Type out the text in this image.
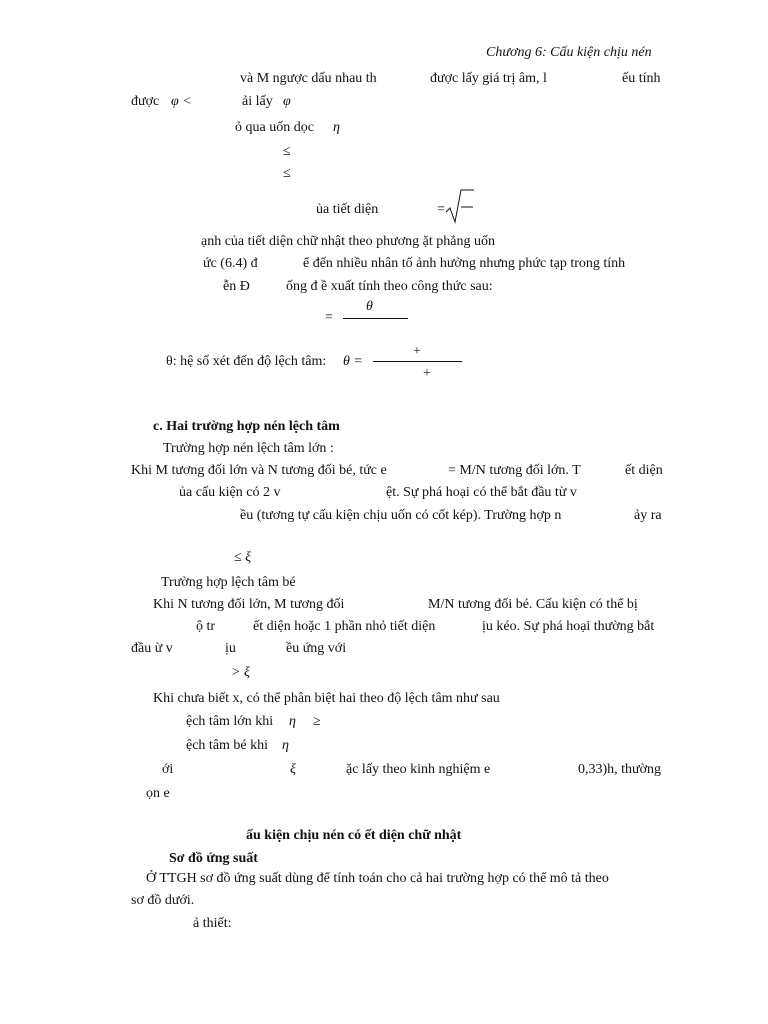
Chương 6: Cấu kiện chịu nén
và M ngược dấu nhau th	được lấy giá trị âm, l	ếu tính
được φ <	ải lấy φ
ỏ qua uốn dọc η
≤
≤
ủa tiết diện	=
ạnh của tiết diện chữ nhật theo phương ặt phẳng uốn
ức (6.4) đ	ể đến nhiều nhân tố ảnh hưởng nhưng phức tạp trong tính
ễn Đ	ống đ ề xuất tính theo công thức sau:
θ
=
θ: hệ số xét đến độ lệch tâm: θ =
+
+
c. Hai trường hợp nén lệch tâm
Trường hợp nén lệch tâm lớn :
Khi M tương đối lớn và N tương đối bé, tức e	= M/N tương đối lớn. T	ết diện
ủa cấu kiện có 2 v	ệt. Sự phá hoại có thể bắt đầu từ v
ều (tương tự cấu kiện chịu uốn có cốt kép). Trường hợp n	ảy ra
≤ ξ
Trường hợp lệch tâm bé
Khi N tương đối lớn, M tương đối	M/N tương đối bé. Cấu kiện có thể bị
ộ tr	ết diện hoặc 1 phần nhỏ tiết diện	ịu kéo. Sự phá hoại thường bắt
đầu ừ v	ịu	ều ứng với
> ξ
Khi chưa biết x, có thể phân biệt hai theo độ lệch tâm như sau
ệch tâm lớn khi η ≥
ệch tâm bé khi η
ới	ξ	ặc lấy theo kinh nghiệm e	0,33)h, thường
ọn e
ấu kiện chịu nén có ết diện chữ nhật
Sơ đồ ứng suất
Ở TTGH sơ đồ ứng suất dùng để tính toán cho cả hai trường hợp có thể mô tả theo
sơ đồ dưới.
ả thiết:
